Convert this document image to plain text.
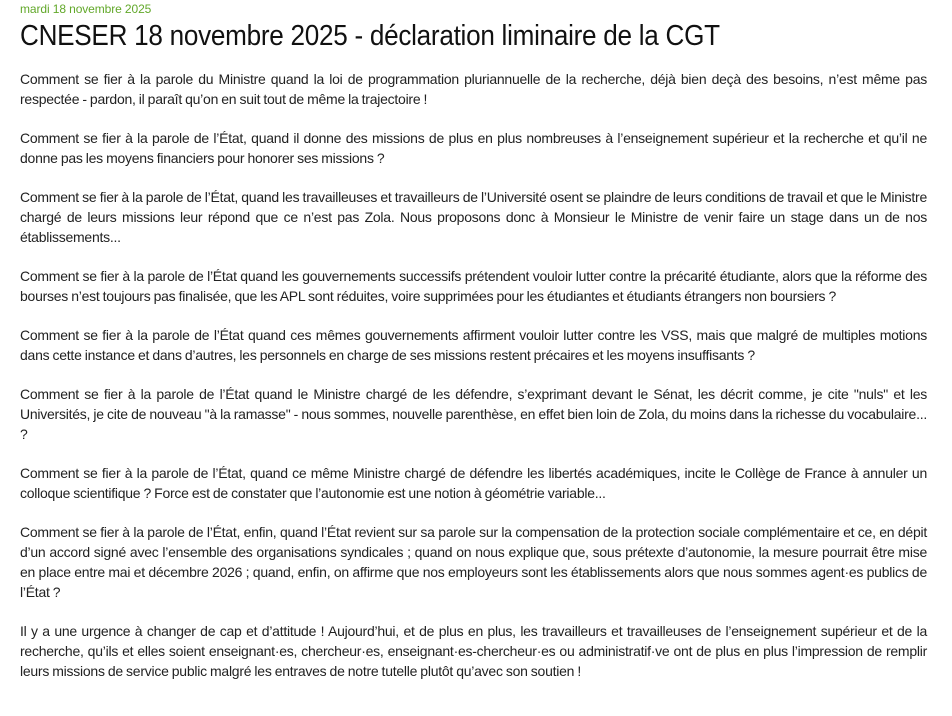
mardi 18 novembre 2025
CNESER 18 novembre 2025 - déclaration liminaire de la CGT

Comment se fier à la parole du Ministre quand la loi de programmation pluriannuelle de la recherche, déjà bien deçà des besoins, n’est même pas respectée - pardon, il paraît qu’on en suit tout de même la trajectoire !

Comment se fier à la parole de l’État, quand il donne des missions de plus en plus nombreuses à l’enseignement supérieur et la recherche et qu’il ne donne pas les moyens financiers pour honorer ses missions ?

Comment se fier à la parole de l’État, quand les travailleuses et travailleurs de l’Université osent se plaindre de leurs conditions de travail et que le Ministre chargé de leurs missions leur répond que ce n’est pas Zola. Nous proposons donc à Monsieur le Ministre de venir faire un stage dans un de nos établissements...

Comment se fier à la parole de l’État quand les gouvernements successifs prétendent vouloir lutter contre la précarité étudiante, alors que la réforme des bourses n’est toujours pas finalisée, que les APL sont réduites, voire supprimées pour les étudiantes et étudiants étrangers non boursiers ?

Comment se fier à la parole de l’État quand ces mêmes gouvernements affirment vouloir lutter contre les VSS, mais que malgré de multiples motions dans cette instance et dans d’autres, les personnels en charge de ses missions restent précaires et les moyens insuffisants ?

Comment se fier à la parole de l’État quand le Ministre chargé de les défendre, s’exprimant devant le Sénat, les décrit comme, je cite "nuls" et les Universités, je cite de nouveau "à la ramasse" - nous sommes, nouvelle parenthèse, en effet bien loin de Zola, du moins dans la richesse du vocabulaire... ?

Comment se fier à la parole de l’État, quand ce même Ministre chargé de défendre les libertés académiques, incite le Collège de France à annuler un colloque scientifique ? Force est de constater que l’autonomie est une notion à géométrie variable...

Comment se fier à la parole de l’État, enfin, quand l’État revient sur sa parole sur la compensation de la protection sociale complémentaire et ce, en dépit d’un accord signé avec l’ensemble des organisations syndicales ; quand on nous explique que, sous prétexte d’autonomie, la mesure pourrait être mise en place entre mai et décembre 2026 ; quand, enfin, on affirme que nos employeurs sont les établissements alors que nous sommes agent·es publics de l’État ?

Il y a une urgence à changer de cap et d’attitude ! Aujourd’hui, et de plus en plus, les travailleurs et travailleuses de l’enseignement supérieur et de la recherche, qu’ils et elles soient enseignant·es, chercheur·es, enseignant·es-chercheur·es ou administratif·ve ont de plus en plus l’impression de remplir leurs missions de service public malgré les entraves de notre tutelle plutôt qu’avec son soutien !
